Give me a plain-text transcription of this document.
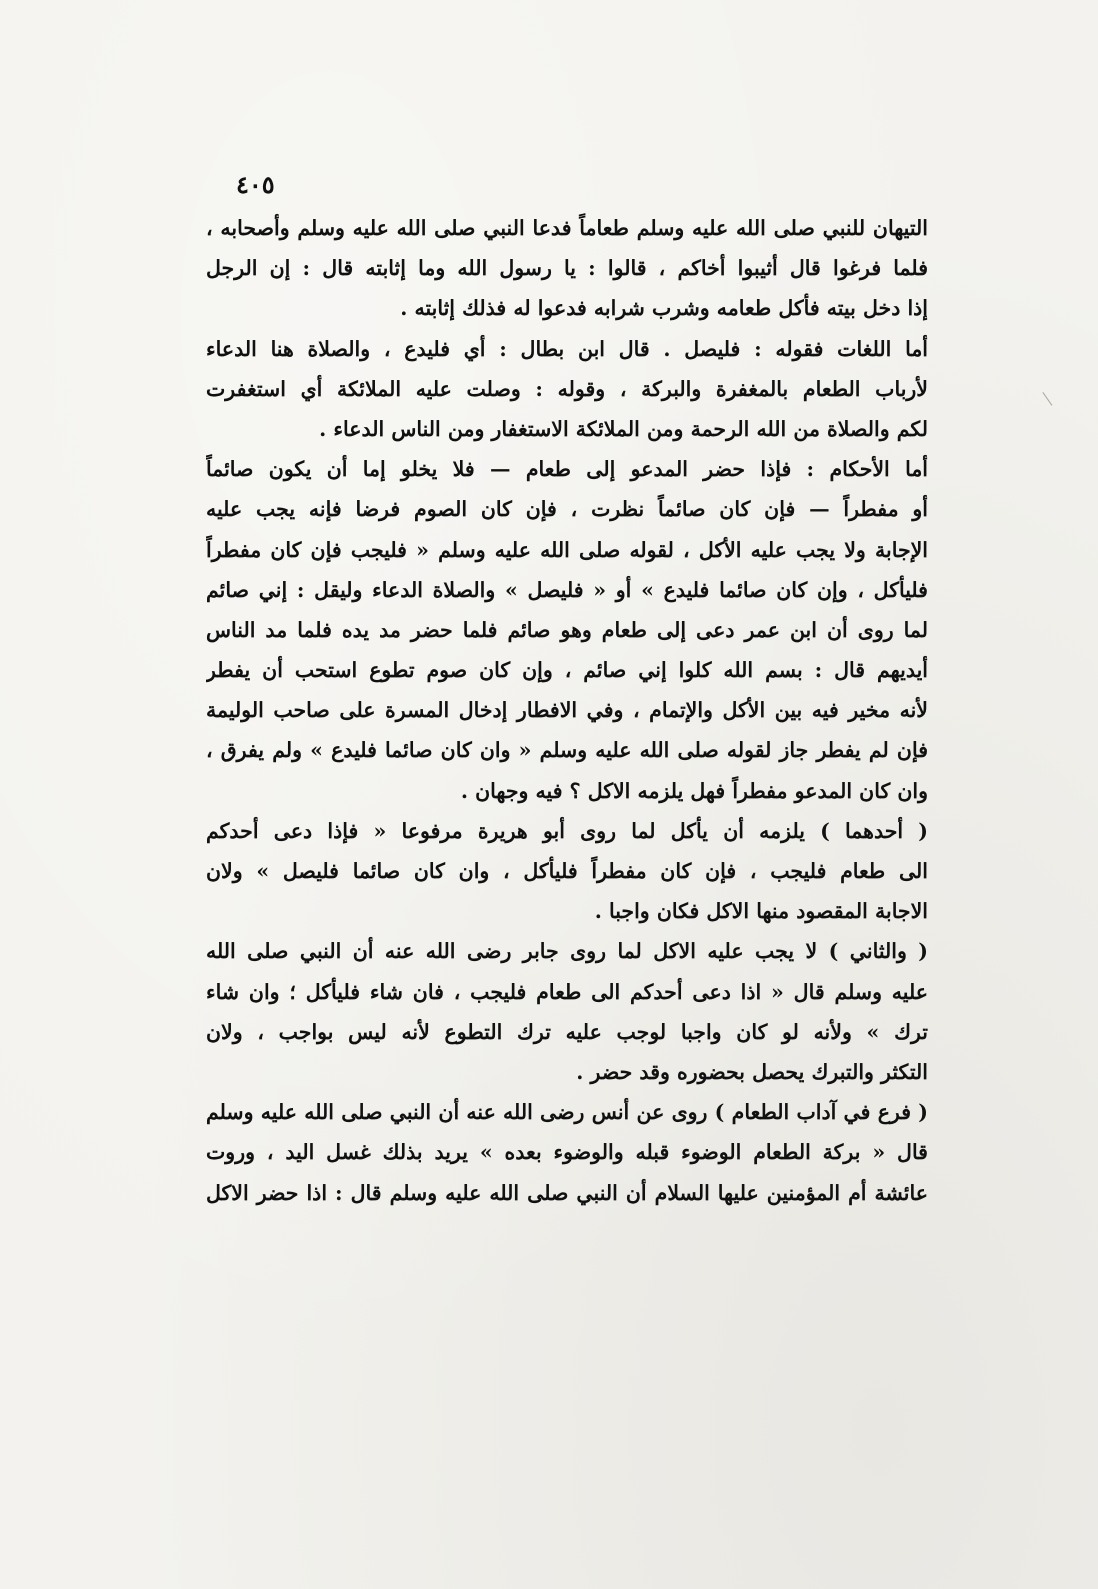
٤٠٥
التيهان للنبي صلى الله عليه وسلم طعاماً فدعا النبي صلى الله عليه وسلم وأصحابه ،
فلما فرغوا قال أثيبوا أخاكم ، قالوا : يا رسول الله وما إثابته قال : إن الرجل
إذا دخل بيته فأكل طعامه وشرب شرابه فدعوا له فذلك إثابته .
أما اللغات فقوله : فليصل . قال ابن بطال : أي فليدع ، والصلاة هنا الدعاء
لأرباب الطعام بالمغفرة والبركة ، وقوله : وصلت عليه الملائكة أي استغفرت
لكم والصلاة من الله الرحمة ومن الملائكة الاستغفار ومن الناس الدعاء .
أما الأحكام : فإذا حضر المدعو إلى طعام — فلا يخلو إما أن يكون صائماً
أو مفطراً — فإن كان صائماً نظرت ، فإن كان الصوم فرضا فإنه يجب عليه
الإجابة ولا يجب عليه الأكل ، لقوله صلى الله عليه وسلم « فليجب فإن كان مفطراً
فليأكل ، وإن كان صائما فليدع » أو « فليصل » والصلاة الدعاء وليقل : إني صائم
لما روى أن ابن عمر دعى إلى طعام وهو صائم فلما حضر مد يده فلما مد الناس
أيديهم قال : بسم الله كلوا إني صائم ، وإن كان صوم تطوع استحب أن يفطر
لأنه مخير فيه بين الأكل والإتمام ، وفي الافطار إدخال المسرة على صاحب الوليمة
فإن لم يفطر جاز لقوله صلى الله عليه وسلم « وان كان صائما فليدع » ولم يفرق ،
وان كان المدعو مفطراً فهل يلزمه الاكل ؟ فيه وجهان .
( أحدهما ) يلزمه أن يأكل لما روى أبو هريرة مرفوعا « فإذا دعى أحدكم
الى طعام فليجب ، فإن كان مفطراً فليأكل ، وان كان صائما فليصل » ولان
الاجابة المقصود منها الاكل فكان واجبا .
( والثاني ) لا يجب عليه الاكل لما روى جابر رضى الله عنه أن النبي صلى الله
عليه وسلم قال « اذا دعى أحدكم الى طعام فليجب ، فان شاء فليأكل ؛ وان شاء
ترك » ولأنه لو كان واجبا لوجب عليه ترك التطوع لأنه ليس بواجب ، ولان
التكثر والتبرك يحصل بحضوره وقد حضر .
( فرع في آداب الطعام ) روى عن أنس رضى الله عنه أن النبي صلى الله عليه وسلم
قال « بركة الطعام الوضوء قبله والوضوء بعده » يريد بذلك غسل اليد ، وروت
عائشة أم المؤمنين عليها السلام أن النبي صلى الله عليه وسلم قال : اذا حضر الاكل
